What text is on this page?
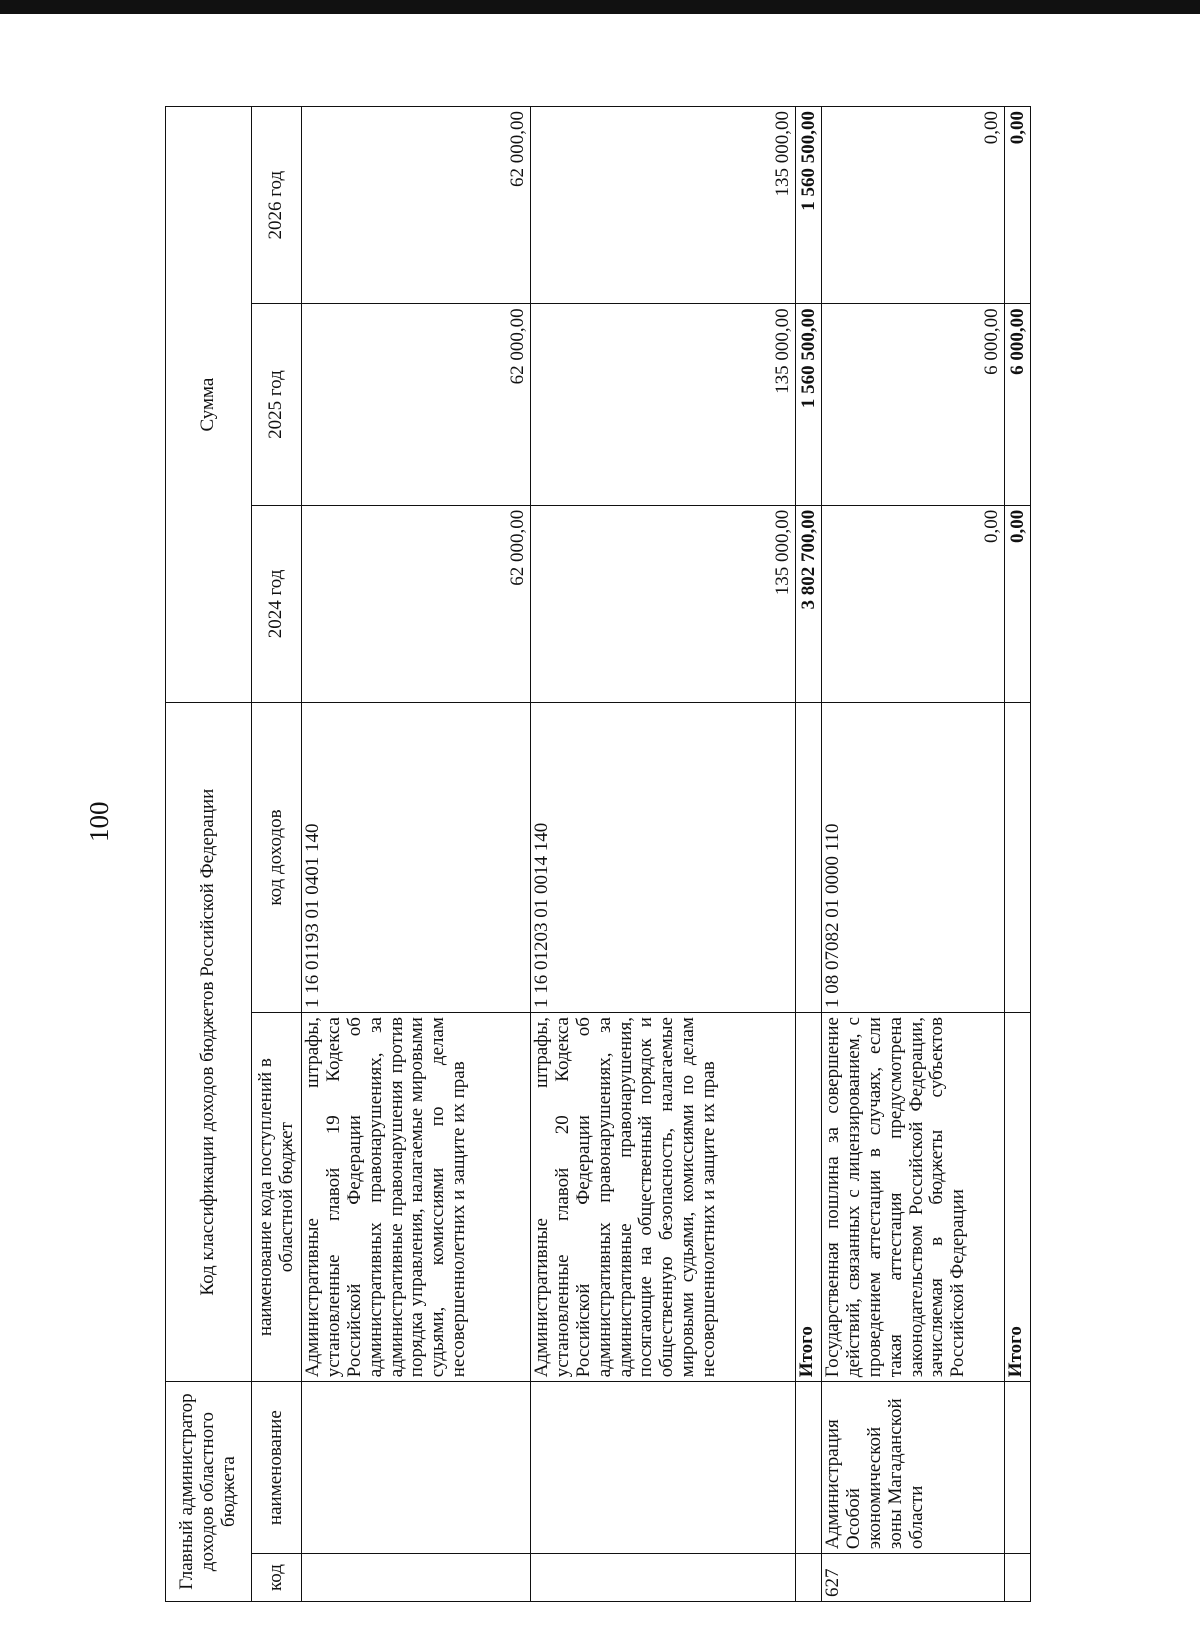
100
Главный администратор доходов областного бюджета		Код классификации доходов бюджетов Российской Федерации		Сумма		
код	наименование	наименование кода поступлений в областной бюджет	код доходов	2024 год	2025 год	2026 год
		Административные штрафы, установленные главой 19 Кодекса Российской Федерации об административных правонарушениях, за административные правонарушения против порядка управления, налагаемые мировыми судьями, комиссиями по делам несовершеннолетних и защите их прав	1 16 01193 01 0401 140	62 000,00	62 000,00	62 000,00
		Административные штрафы, установленные главой 20 Кодекса Российской Федерации об административных правонарушениях, за административные правонарушения, посягающие на общественный порядок и общественную безопасность, налагаемые мировыми судьями, комиссиями по делам несовершеннолетних и защите их прав	1 16 01203 01 0014 140	135 000,00	135 000,00	135 000,00
		Итого		3 802 700,00	1 560 500,00	1 560 500,00
627	Администрация Особой экономической зоны Магаданской области	Государственная пошлина за совершение действий, связанных с лицензированием, с проведением аттестации в случаях, если такая аттестация предусмотрена законодательством Российской Федерации, зачисляемая в бюджеты субъектов Российской Федерации	1 08 07082 01 0000 110	0,00	6 000,00	0,00
		Итого		0,00	6 000,00	0,00
